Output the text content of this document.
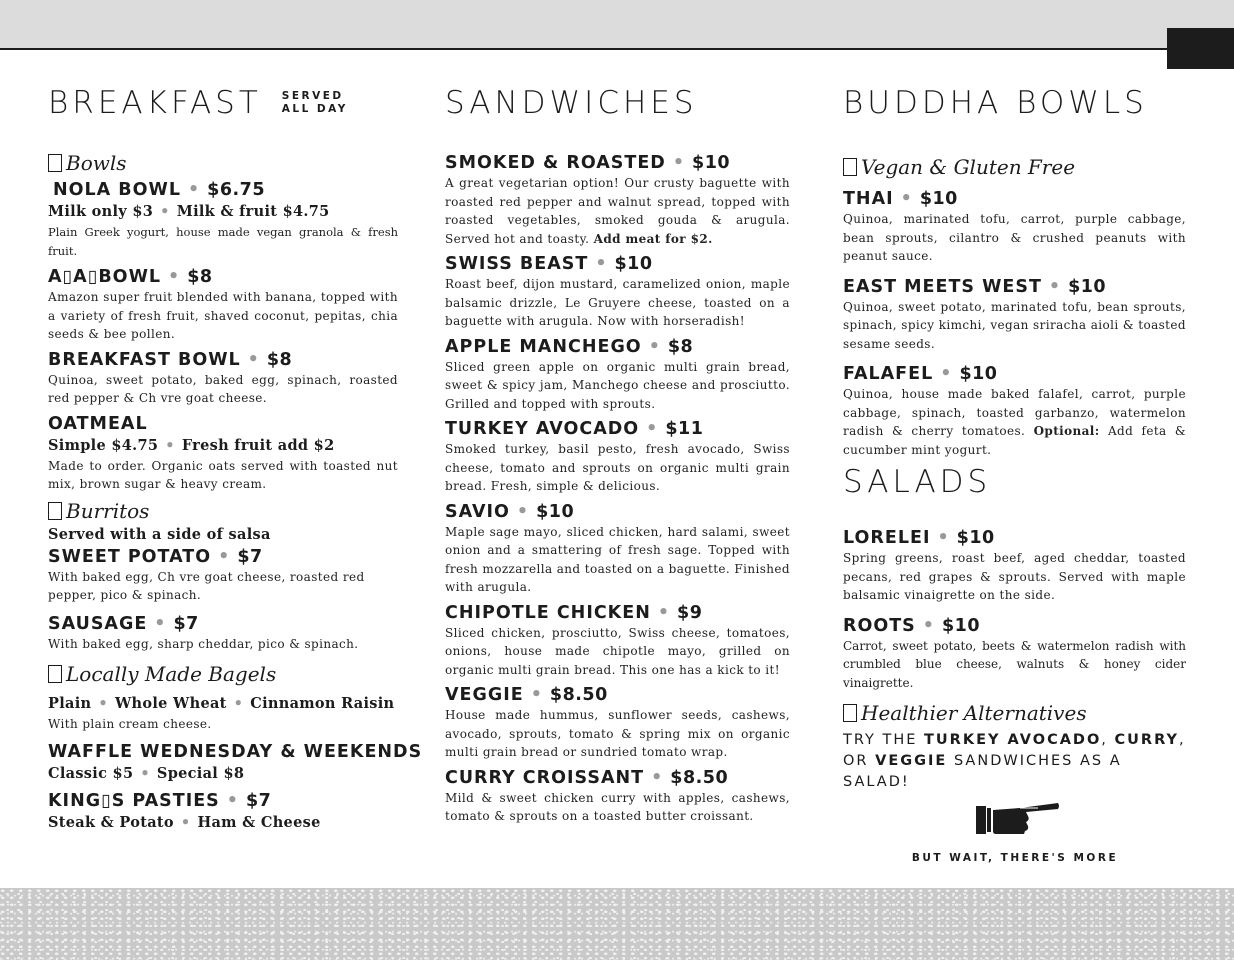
BREAKFAST SERVED
ALL DAY
Bowls
NOLA BOWL • $6.75
Milk only $3 • Milk & fruit $4.75
Plain Greek yogurt, house made vegan granola & fresh fruit.
A▯A▯BOWL • $8
Amazon super fruit blended with banana, topped with a variety of fresh fruit, shaved coconut, pepitas, chia seeds & bee pollen.
BREAKFAST BOWL • $8
Quinoa, sweet potato, baked egg, spinach, roasted red pepper & Ch vre goat cheese.
OATMEAL
Simple $4.75 • Fresh fruit add $2
Made to order. Organic oats served with toasted nut mix, brown sugar & heavy cream.
Burritos
Served with a side of salsa
SWEET POTATO • $7
With baked egg, Ch vre goat cheese, roasted red pepper, pico & spinach.
SAUSAGE • $7
With baked egg, sharp cheddar, pico & spinach.
Locally Made Bagels
Plain • Whole Wheat • Cinnamon Raisin
With plain cream cheese.
WAFFLE WEDNESDAY & WEEKENDS
Classic $5 • Special $8
KING▯S PASTIES • $7
Steak & Potato • Ham & Cheese
SANDWICHES
SMOKED & ROASTED • $10
A great vegetarian option! Our crusty baguette with roasted red pepper and walnut spread, topped with roasted vegetables, smoked gouda & arugula. Served hot and toasty. Add meat for $2.
SWISS BEAST • $10
Roast beef, dijon mustard, caramelized onion, maple balsamic drizzle, Le Gruyere cheese, toasted on a baguette with arugula. Now with horseradish!
APPLE MANCHEGO • $8
Sliced green apple on organic multi grain bread, sweet & spicy jam, Manchego cheese and prosciutto. Grilled and topped with sprouts.
TURKEY AVOCADO • $11
Smoked turkey, basil pesto, fresh avocado, Swiss cheese, tomato and sprouts on organic multi grain bread. Fresh, simple & delicious.
SAVIO • $10
Maple sage mayo, sliced chicken, hard salami, sweet onion and a smattering of fresh sage. Topped with fresh mozzarella and toasted on a baguette. Finished with arugula.
CHIPOTLE CHICKEN • $9
Sliced chicken, prosciutto, Swiss cheese, tomatoes, onions, house made chipotle mayo, grilled on organic multi grain bread. This one has a kick to it!
VEGGIE • $8.50
House made hummus, sunflower seeds, cashews, avocado, sprouts, tomato & spring mix on organic multi grain bread or sundried tomato wrap.
CURRY CROISSANT • $8.50
Mild & sweet chicken curry with apples, cashews, tomato & sprouts on a toasted butter croissant.
BUDDHA BOWLS
Vegan & Gluten Free
THAI • $10
Quinoa, marinated tofu, carrot, purple cabbage, bean sprouts, cilantro & crushed peanuts with peanut sauce.
EAST MEETS WEST • $10
Quinoa, sweet potato, marinated tofu, bean sprouts, spinach, spicy kimchi, vegan sriracha aioli & toasted sesame seeds.
FALAFEL • $10
Quinoa, house made baked falafel, carrot, purple cabbage, spinach, toasted garbanzo, watermelon radish & cherry tomatoes. Optional: Add feta & cucumber mint yogurt.
SALADS
LORELEI • $10
Spring greens, roast beef, aged cheddar, toasted pecans, red grapes & sprouts. Served with maple balsamic vinaigrette on the side.
ROOTS • $10
Carrot, sweet potato, beets & watermelon radish with crumbled blue cheese, walnuts & honey cider vinaigrette.
Healthier Alternatives
TRY THE TURKEY AVOCADO, CURRY,
OR VEGGIE SANDWICHES AS A SALAD!
BUT WAIT, THERE'S MORE
